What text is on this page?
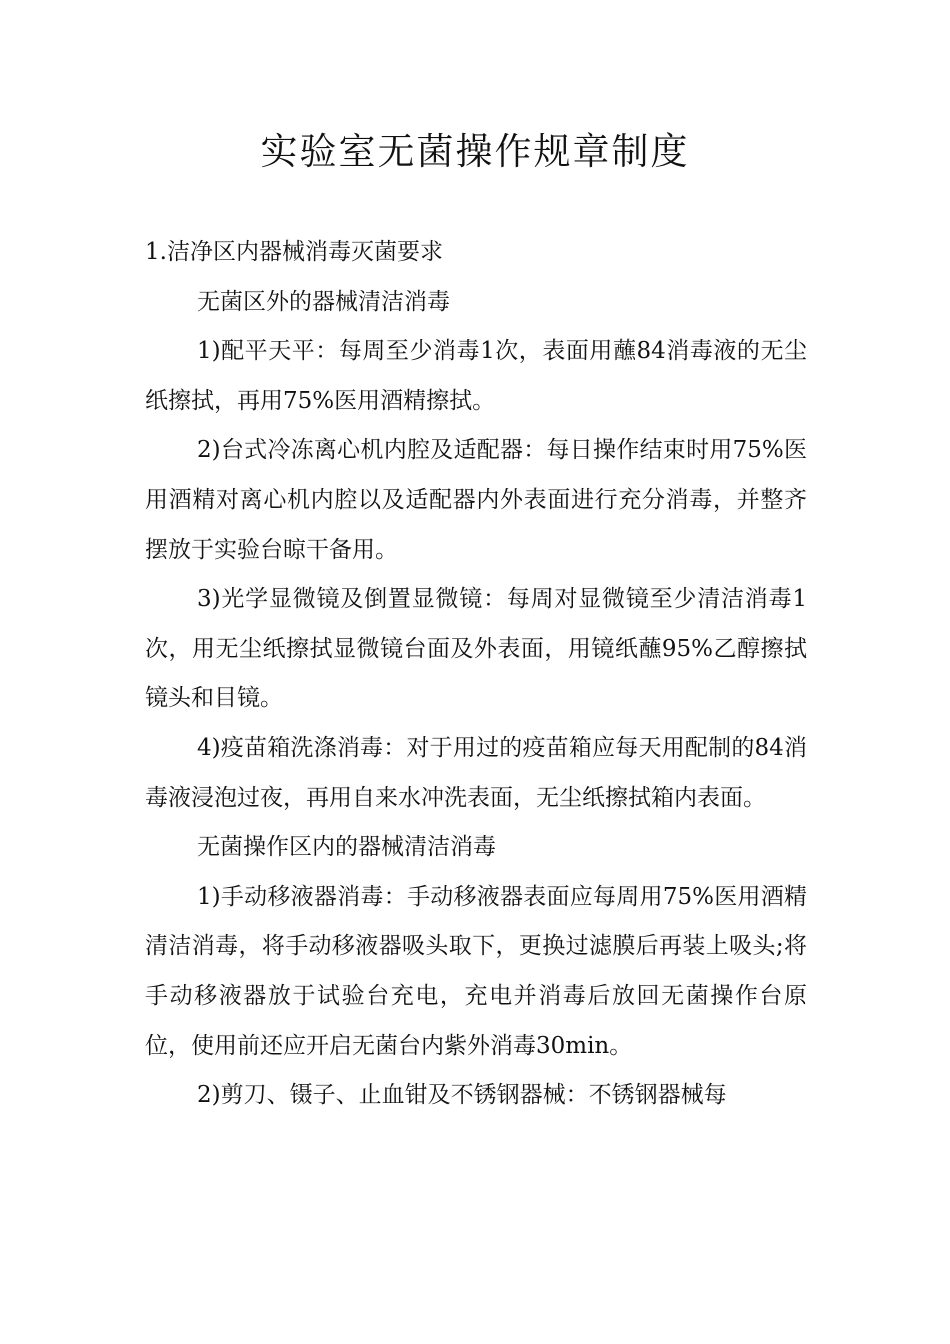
实验室无菌操作规章制度

1.洁净区内器械消毒灭菌要求

无菌区外的器械清洁消毒

1)配平天平：每周至少消毒1次，表面用蘸84消毒液的无尘纸擦拭，再用75%医用酒精擦拭。

2)台式冷冻离心机内腔及适配器：每日操作结束时用75%医用酒精对离心机内腔以及适配器内外表面进行充分消毒，并整齐摆放于实验台晾干备用。

3)光学显微镜及倒置显微镜：每周对显微镜至少清洁消毒1次，用无尘纸擦拭显微镜台面及外表面，用镜纸蘸95%乙醇擦拭镜头和目镜。

4)疫苗箱洗涤消毒：对于用过的疫苗箱应每天用配制的84消毒液浸泡过夜，再用自来水冲洗表面，无尘纸擦拭箱内表面。

无菌操作区内的器械清洁消毒

1)手动移液器消毒：手动移液器表面应每周用75%医用酒精清洁消毒，将手动移液器吸头取下，更换过滤膜后再装上吸头;将手动移液器放于试验台充电，充电并消毒后放回无菌操作台原位，使用前还应开启无菌台内紫外消毒30min。

2)剪刀、镊子、止血钳及不锈钢器械：不锈钢器械每
